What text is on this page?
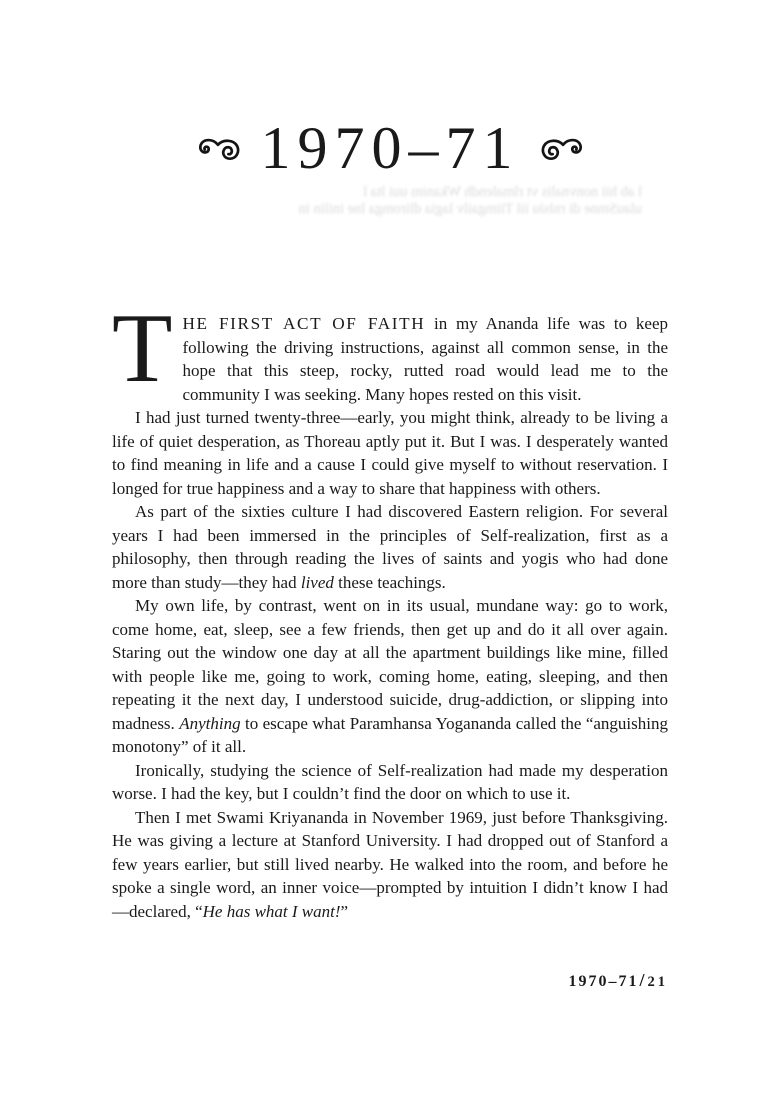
1970–71
l ab hii nonvnalis vt rlmalendh Wkanim uui lta l
ulauSmne di rnlsiu iil Tiimgailv lagia dliromga lne inilin in

THE FIRST ACT OF FAITH in my Ananda life was to keep following the driving instructions, against all common sense, in the hope that this steep, rocky, rutted road would lead me to the community I was seeking. Many hopes rested on this visit.

I had just turned twenty-three—early, you might think, already to be living a life of quiet desperation, as Thoreau aptly put it. But I was. I desperately wanted to find meaning in life and a cause I could give myself to without reservation. I longed for true happiness and a way to share that happiness with others.

As part of the sixties culture I had discovered Eastern religion. For several years I had been immersed in the principles of Self-realization, first as a philosophy, then through reading the lives of saints and yogis who had done more than study—they had lived these teachings.

My own life, by contrast, went on in its usual, mundane way: go to work, come home, eat, sleep, see a few friends, then get up and do it all over again. Staring out the window one day at all the apartment buildings like mine, filled with people like me, going to work, coming home, eating, sleeping, and then repeating it the next day, I understood suicide, drug-addiction, or slipping into madness. Anything to escape what Paramhansa Yogananda called the “anguishing monotony” of it all.

Ironically, studying the science of Self-realization had made my desperation worse. I had the key, but I couldn’t find the door on which to use it.

Then I met Swami Kriyananda in November 1969, just before Thanksgiving. He was giving a lecture at Stanford University. I had dropped out of Stanford a few years earlier, but still lived nearby. He walked into the room, and before he spoke a single word, an inner voice—prompted by intuition I didn’t know I had—declared, “He has what I want!”

1970–71/21
